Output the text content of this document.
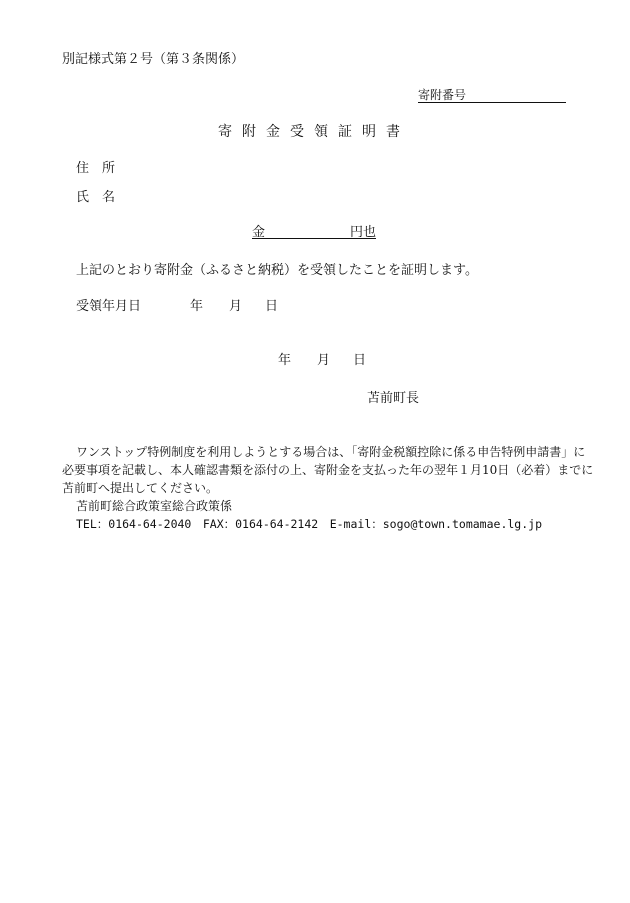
別記様式第２号（第３条関係）
寄附番号
寄附金受領証明書
住　所
氏　名
金	円也
上記のとおり寄附金（ふるさと納税）を受領したことを証明します。
受領年月日	年 月 日
年 月 日
苫前町長
ワンストップ特例制度を利用しようとする場合は、「寄附金税額控除に係る申告特例申請書」に
必要事項を記載し、本人確認書類を添付の上、寄附金を支払った年の翌年１月10日（必着）までに
苫前町へ提出してください。
苫前町総合政策室総合政策係
TEL：0164-64-2040　FAX：0164-64-2142　E-mail：sogo@town.tomamae.lg.jp
